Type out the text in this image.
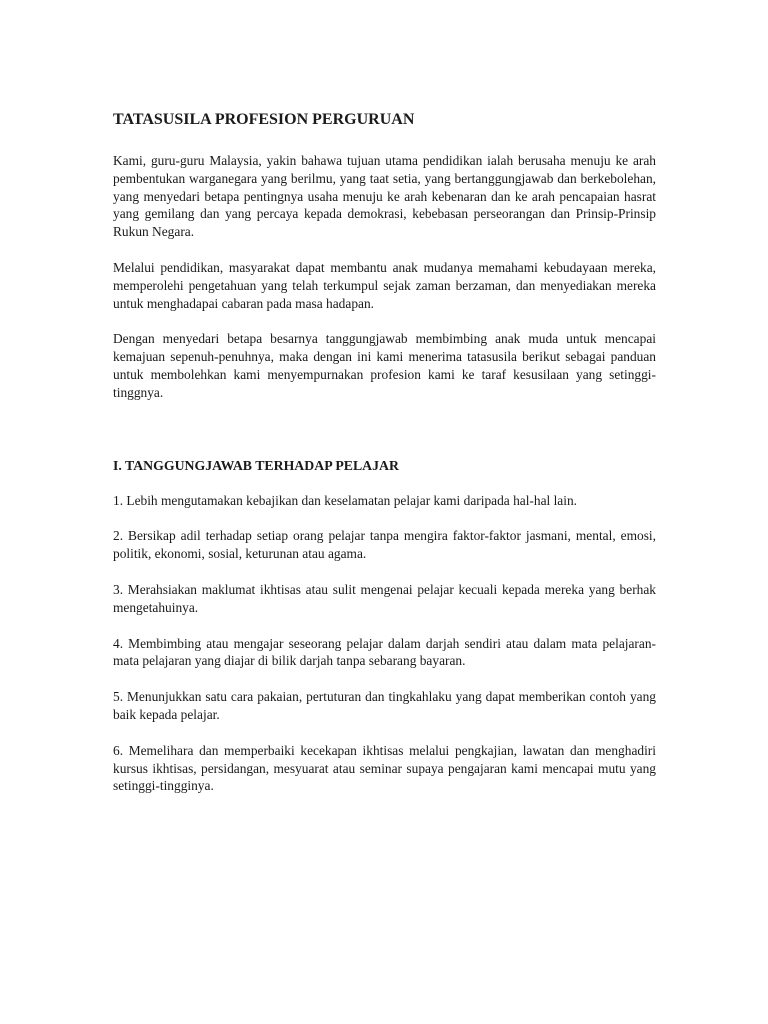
TATASUSILA PROFESION PERGURUAN

Kami, guru-guru Malaysia, yakin bahawa tujuan utama pendidikan ialah berusaha menuju ke arah pembentukan warganegara yang berilmu, yang taat setia, yang bertanggungjawab dan berkebolehan, yang menyedari betapa pentingnya usaha menuju ke arah kebenaran dan ke arah pencapaian hasrat yang gemilang dan yang percaya kepada demokrasi, kebebasan perseorangan dan Prinsip-Prinsip Rukun Negara.

Melalui pendidikan, masyarakat dapat membantu anak mudanya memahami kebudayaan mereka, memperolehi pengetahuan yang telah terkumpul sejak zaman berzaman, dan menyediakan mereka untuk menghadapai cabaran pada masa hadapan.

Dengan menyedari betapa besarnya tanggungjawab membimbing anak muda untuk mencapai kemajuan sepenuh-penuhnya, maka dengan ini kami menerima tatasusila berikut sebagai panduan untuk membolehkan kami menyempurnakan profesion kami ke taraf kesusilaan yang setinggi-tinggnya.

I. TANGGUNGJAWAB TERHADAP PELAJAR

1. Lebih mengutamakan kebajikan dan keselamatan pelajar kami daripada hal-hal lain.

2. Bersikap adil terhadap setiap orang pelajar tanpa mengira faktor-faktor jasmani, mental, emosi, politik, ekonomi, sosial, keturunan atau agama.

3. Merahsiakan maklumat ikhtisas atau sulit mengenai pelajar kecuali kepada mereka yang berhak mengetahuinya.

4. Membimbing atau mengajar seseorang pelajar dalam darjah sendiri atau dalam mata pelajaran-mata pelajaran yang diajar di bilik darjah tanpa sebarang bayaran.

5. Menunjukkan satu cara pakaian, pertuturan dan tingkahlaku yang dapat memberikan contoh yang baik kepada pelajar.

6. Memelihara dan memperbaiki kecekapan ikhtisas melalui pengkajian, lawatan dan menghadiri kursus ikhtisas, persidangan, mesyuarat atau seminar supaya pengajaran kami mencapai mutu yang setinggi-tingginya.
